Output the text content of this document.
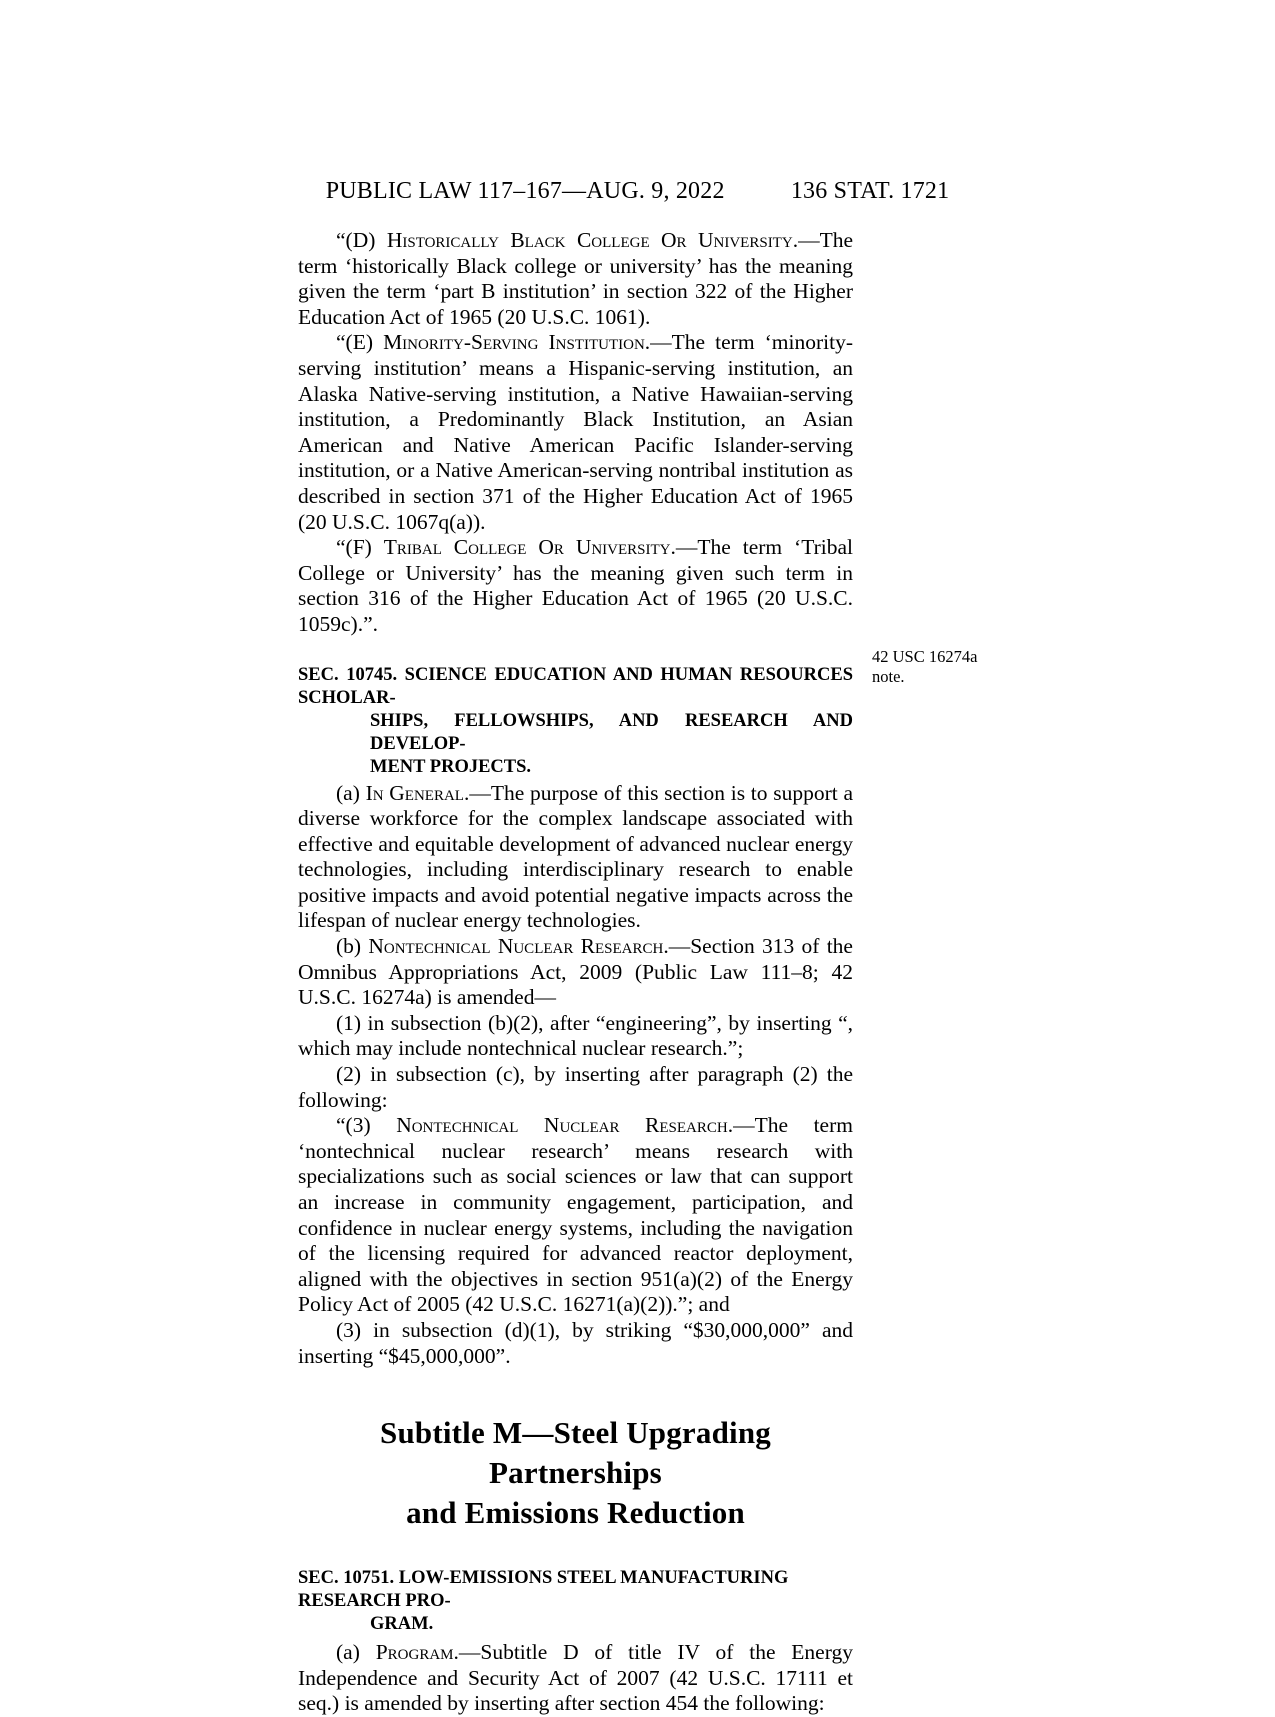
PUBLIC LAW 117–167—AUG. 9, 2022	136 STAT. 1721

“(D) Historically Black College Or University.—The term ‘historically Black college or university’ has the meaning given the term ‘part B institution’ in section 322 of the Higher Education Act of 1965 (20 U.S.C. 1061).

“(E) Minority-Serving Institution.—The term ‘minority-serving institution’ means a Hispanic-serving institution, an Alaska Native-serving institution, a Native Hawaiian-serving institution, a Predominantly Black Institution, an Asian American and Native American Pacific Islander-serving institution, or a Native American-serving nontribal institution as described in section 371 of the Higher Education Act of 1965 (20 U.S.C. 1067q(a)).

“(F) Tribal College Or University.—The term ‘Tribal College or University’ has the meaning given such term in section 316 of the Higher Education Act of 1965 (20 U.S.C. 1059c).”.

SEC. 10745. SCIENCE EDUCATION AND HUMAN RESOURCES SCHOLAR-
SHIPS, FELLOWSHIPS, AND RESEARCH AND DEVELOP-
MENT PROJECTS.

(a) In General.—The purpose of this section is to support a diverse workforce for the complex landscape associated with effective and equitable development of advanced nuclear energy technologies, including interdisciplinary research to enable positive impacts and avoid potential negative impacts across the lifespan of nuclear energy technologies.

(b) Nontechnical Nuclear Research.—Section 313 of the Omnibus Appropriations Act, 2009 (Public Law 111–8; 42 U.S.C. 16274a) is amended—

(1) in subsection (b)(2), after “engineering”, by inserting “, which may include nontechnical nuclear research.”;

(2) in subsection (c), by inserting after paragraph (2) the following:

“(3) Nontechnical Nuclear Research.—The term ‘nontechnical nuclear research’ means research with specializations such as social sciences or law that can support an increase in community engagement, participation, and confidence in nuclear energy systems, including the navigation of the licensing required for advanced reactor deployment, aligned with the objectives in section 951(a)(2) of the Energy Policy Act of 2005 (42 U.S.C. 16271(a)(2)).”; and

(3) in subsection (d)(1), by striking “$30,000,000” and inserting “$45,000,000”.

Subtitle M—Steel Upgrading Partnerships
and Emissions Reduction
SEC. 10751. LOW-EMISSIONS STEEL MANUFACTURING RESEARCH PRO-
GRAM.

(a) Program.—Subtitle D of title IV of the Energy Independence and Security Act of 2007 (42 U.S.C. 17111 et seq.) is amended by inserting after section 454 the following:

42 USC 16274a
note.
